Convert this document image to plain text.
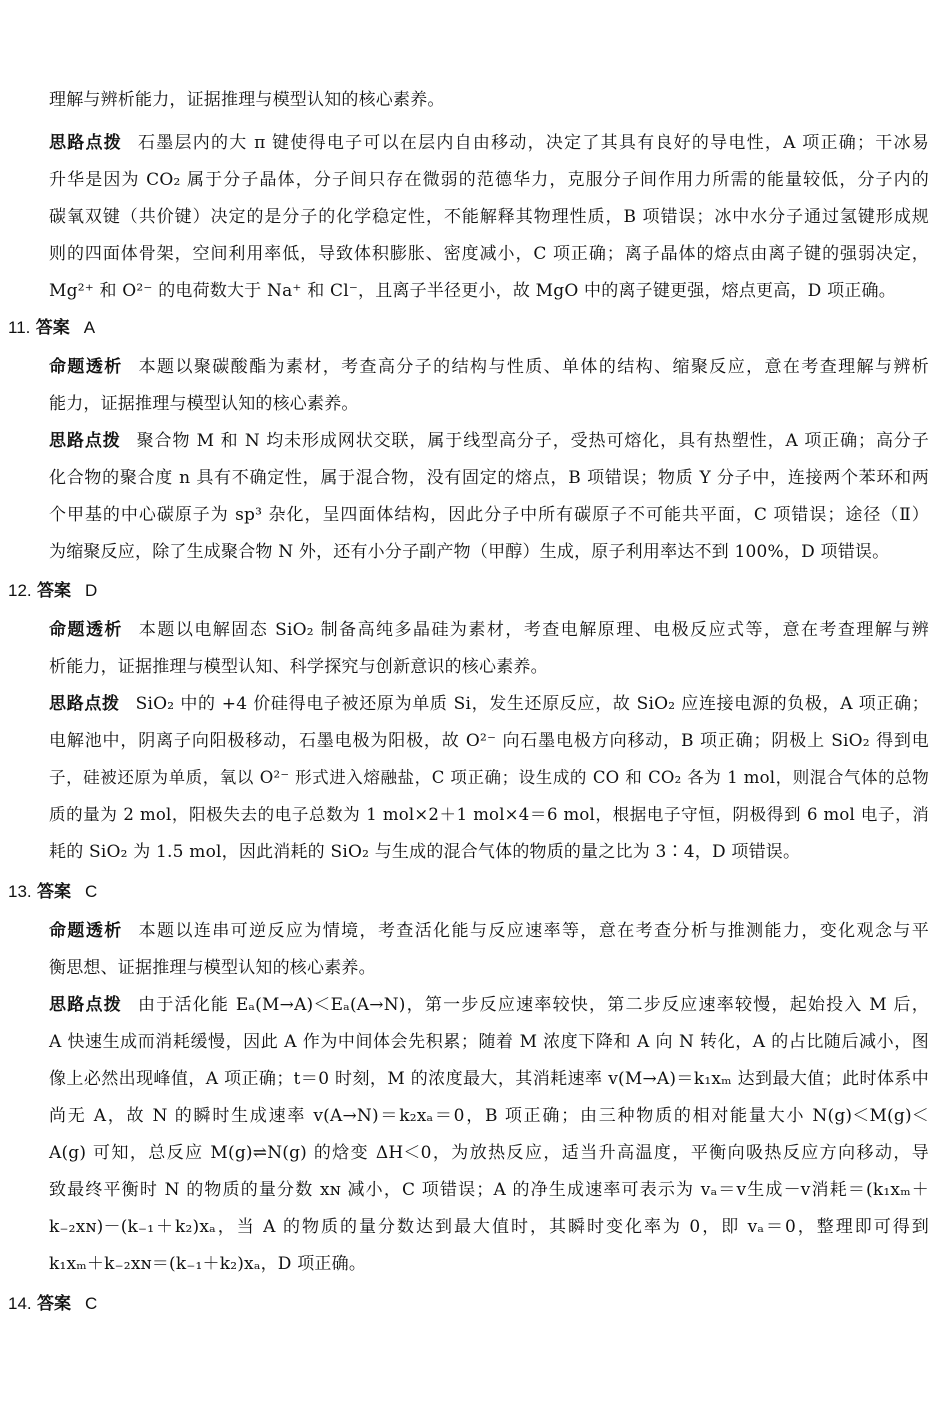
理解与辨析能力，证据推理与模型认知的核心素养。
思路点拨 石墨层内的大 π 键使得电子可以在层内自由移动，决定了其具有良好的导电性，A 项正确；干冰易
升华是因为 CO₂ 属于分子晶体，分子间只存在微弱的范德华力，克服分子间作用力所需的能量较低，分子内的
碳氧双键（共价键）决定的是分子的化学稳定性，不能解释其物理性质，B 项错误；冰中水分子通过氢键形成规
则的四面体骨架，空间利用率低，导致体积膨胀、密度减小，C 项正确；离子晶体的熔点由离子键的强弱决定，
Mg²⁺ 和 O²⁻ 的电荷数大于 Na⁺ 和 Cl⁻，且离子半径更小，故 MgO 中的离子键更强，熔点更高，D 项正确。
11. 答案 A
命题透析 本题以聚碳酸酯为素材，考查高分子的结构与性质、单体的结构、缩聚反应，意在考查理解与辨析
能力，证据推理与模型认知的核心素养。
思路点拨 聚合物 M 和 N 均未形成网状交联，属于线型高分子，受热可熔化，具有热塑性，A 项正确；高分子
化合物的聚合度 n 具有不确定性，属于混合物，没有固定的熔点，B 项错误；物质 Y 分子中，连接两个苯环和两
个甲基的中心碳原子为 sp³ 杂化，呈四面体结构，因此分子中所有碳原子不可能共平面，C 项错误；途径（Ⅱ）
为缩聚反应，除了生成聚合物 N 外，还有小分子副产物（甲醇）生成，原子利用率达不到 100%，D 项错误。
12. 答案 D
命题透析 本题以电解固态 SiO₂ 制备高纯多晶硅为素材，考查电解原理、电极反应式等，意在考查理解与辨
析能力，证据推理与模型认知、科学探究与创新意识的核心素养。
思路点拨 SiO₂ 中的 +4 价硅得电子被还原为单质 Si，发生还原反应，故 SiO₂ 应连接电源的负极，A 项正确；
电解池中，阴离子向阳极移动，石墨电极为阳极，故 O²⁻ 向石墨电极方向移动，B 项正确；阴极上 SiO₂ 得到电
子，硅被还原为单质，氧以 O²⁻ 形式进入熔融盐，C 项正确；设生成的 CO 和 CO₂ 各为 1 mol，则混合气体的总物
质的量为 2 mol，阳极失去的电子总数为 1 mol×2＋1 mol×4＝6 mol，根据电子守恒，阴极得到 6 mol 电子，消
耗的 SiO₂ 为 1.5 mol，因此消耗的 SiO₂ 与生成的混合气体的物质的量之比为 3∶4，D 项错误。
13. 答案 C
命题透析 本题以连串可逆反应为情境，考查活化能与反应速率等，意在考查分析与推测能力，变化观念与平
衡思想、证据推理与模型认知的核心素养。
思路点拨 由于活化能 Eₐ(M→A)＜Eₐ(A→N)，第一步反应速率较快，第二步反应速率较慢，起始投入 M 后，
A 快速生成而消耗缓慢，因此 A 作为中间体会先积累；随着 M 浓度下降和 A 向 N 转化，A 的占比随后减小，图
像上必然出现峰值，A 项正确；t＝0 时刻，M 的浓度最大，其消耗速率 v(M→A)＝k₁xₘ 达到最大值；此时体系中
尚无 A，故 N 的瞬时生成速率 v(A→N)＝k₂xₐ＝0，B 项正确；由三种物质的相对能量大小 N(g)＜M(g)＜
A(g) 可知，总反应 M(g)⇌N(g) 的焓变 ΔH＜0，为放热反应，适当升高温度，平衡向吸热反应方向移动，导
致最终平衡时 N 的物质的量分数 xɴ 减小，C 项错误；A 的净生成速率可表示为 vₐ＝v生成－v消耗＝(k₁xₘ＋
k₋₂xɴ)－(k₋₁＋k₂)xₐ，当 A 的物质的量分数达到最大值时，其瞬时变化率为 0，即 vₐ＝0，整理即可得到
k₁xₘ＋k₋₂xɴ＝(k₋₁＋k₂)xₐ，D 项正确。
14. 答案 C
